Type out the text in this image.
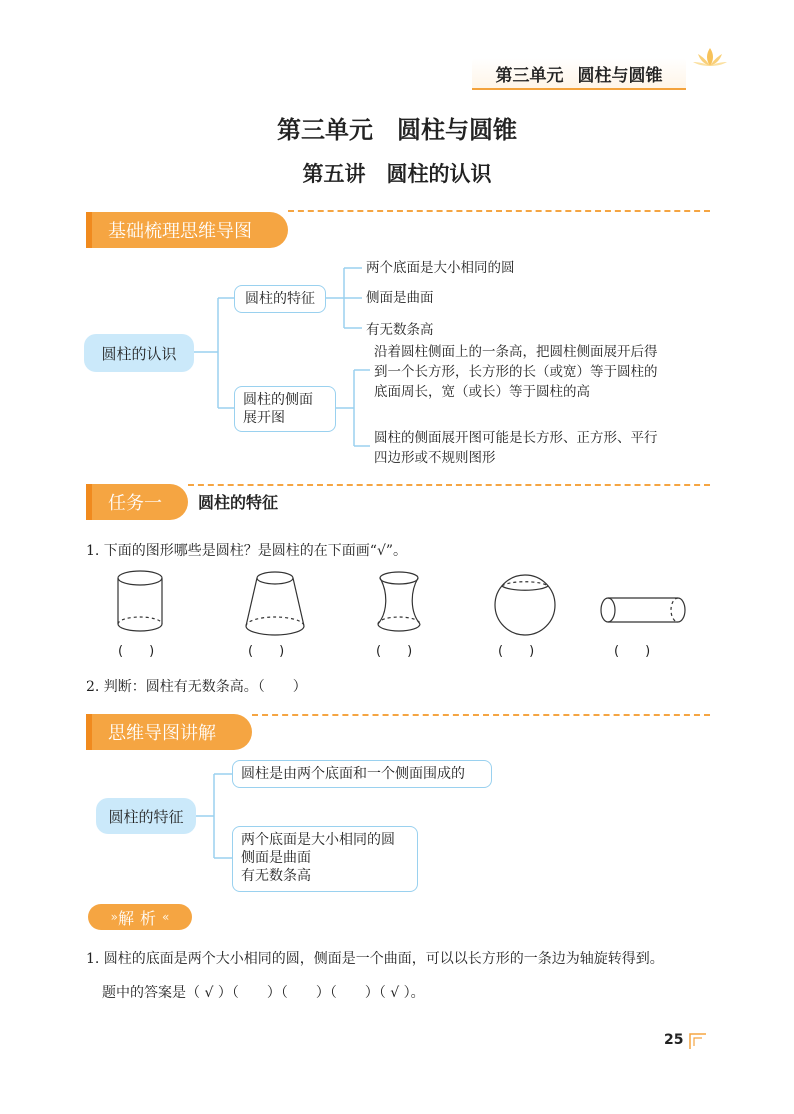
第三单元 圆柱与圆锥
第三单元　圆柱与圆锥
第五讲　圆柱的认识
基础梳理思维导图
圆柱的认识
圆柱的特征
两个底面是大小相同的圆
侧面是曲面
有无数条高
圆柱的侧面
展开图
沿着圆柱侧面上的一条高，把圆柱侧面展开后得
到一个长方形，长方形的长（或宽）等于圆柱的
底面周长，宽（或长）等于圆柱的高
圆柱的侧面展开图可能是长方形、正方形、平行
四边形或不规则图形
任务一 圆柱的特征
1. 下面的图形哪些是圆柱？是圆柱的在下面画“√”。
(　　)	(　　)	(　　)	(　　)	(　　)
2. 判断：圆柱有无数条高。（　　）
思维导图讲解
圆柱的特征
圆柱是由两个底面和一个侧面围成的
两个底面是大小相同的圆
侧面是曲面
有无数条高
» 解析 «
1. 圆柱的底面是两个大小相同的圆，侧面是一个曲面，可以以长方形的一条边为轴旋转得到。
题中的答案是（ √ ）（　　）（　　）（　　）（ √ ）。
25
